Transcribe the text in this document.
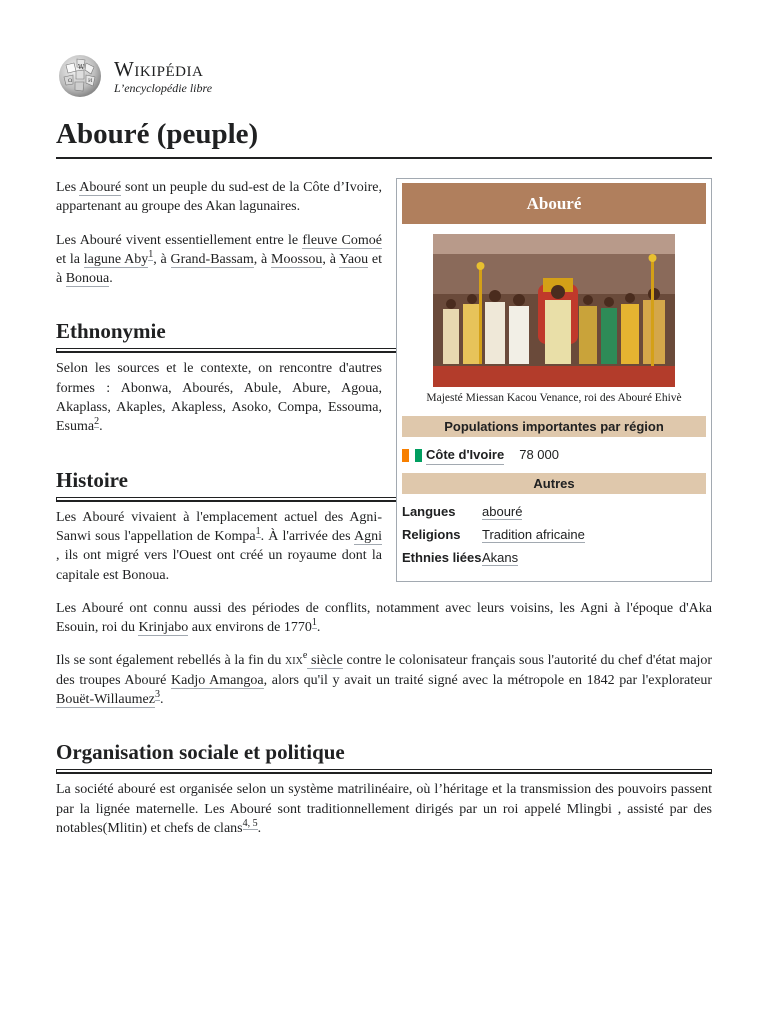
W
Ω	И Wikipédia
L’encyclopédie libre
Abouré (peuple)
Abouré
Majesté Miessan Kacou Venance, roi des Abouré Ehivè
Populations importantes par région
Côte d'Ivoire 78 000
Autres
Langues	abouré
Religions	Tradition africaine
Ethnies liées Akans

Les Abouré sont un peuple du sud-est de la Côte d’Ivoire, appartenant au groupe des Akan lagunaires.

Les Abouré vivent essentiellement entre le fleuve Comoé et la lagune Aby$^1$, à Grand-Bassam, à Moossou, à Yaou et à Bonoua.

Ethnonymie

Selon les sources et le contexte, on rencontre d'autres formes : Abonwa, Abourés, Abule, Abure, Agoua, Akaplass, Akaples, Akapless, Asoko, Compa, Essouma, Esuma$^2$.

Histoire

Les Abouré vivaient à l'emplacement actuel des Agni-Sanwi sous l'appellation de Kompa$^1$. À l'arrivée des Agni , ils ont migré vers l'Ouest ont créé un royaume dont la capitale est Bonoua.

Les Abouré ont connu aussi des périodes de conflits, notamment avec leurs voisins, les Agni à l'époque d'Aka Esouin, roi du Krinjabo aux environs de 1770$^1$.

Ils se sont également rebellés à la fin du xix$^e$ siècle contre le colonisateur français sous l'autorité du chef d'état major des troupes Abouré Kadjo Amangoa, alors qu'il y avait un traité signé avec la métropole en 1842 par l'explorateur Bouët-Willaumez$^3$.

Organisation sociale et politique

La société abouré est organisée selon un système matrilinéaire, où l’héritage et la transmission des pouvoirs passent par la lignée maternelle. Les Abouré sont traditionnellement dirigés par un roi appelé Mlingbi , assisté par des notables(Mlitin) et chefs de clans$^{4, 5}$.
